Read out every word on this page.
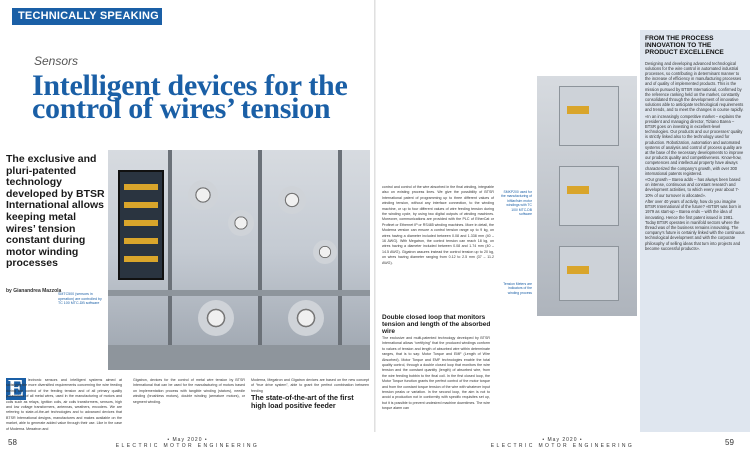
TECHNICALLY SPEAKING
Sensors
Intelligent devices for the control of wires’ tension
The exclusive and pluri-patented technology developed by BTSR International allows keeping metal wires’ tension constant during motor winding processes
by Gianandrea Mazzola
SMTC500 (sensors in operation) are controlled by TC 100 MTC-DB software
E	lectronic sensors and intelligent systems aimed at satisfying the more diversified requirements concerning the wire feeding during the control of the feeding tension and of all primary quality parameters of all metal wires, used in the manufacturing of motors and coils such as relays, ignition coils, air coils transformers, sensors, high and low voltage transformers, antennas, weathers, encoders. We are referring to state-of-the-art technologies and to advanced devices that BTSR International designs, manufactures and makes available on the market, able to generate added value through their use. Like in the case of Moderna, Megatron and
Gigatron, devices for the control of metal wire tension by BTSR International that can be used for the manufacturing of motors based on implementation process with tangible winding (stators), needle winding (brushless motors), double winding (armature motors), or segment winding.
Moderna, Megatron and Gigatron devices are based on the new concept of “true drive system”, able to grant the perfect combination between feeding
The state-of-the-art of the first high load positive feeder
SMKP200 used for the manufacturing of bifilar/lsim motor windings with TC 100/ MTC-DB software
Tension Meters are indicators of the winding process
control and control of the wire absorbed in the final winding, integrable also on existing process lines. We give the possibility of BTSR International patent of programming up to three different values of winding tension, without any interface connection, to the winding machine, or up to four different values of wire feeding tension during the winding cycle, by using two digital outputs of winding machines. Moreover, communications are provided with the PLC of EtherCat or Profinet or Ethernet IP or RS485 winding machines. More in detail, the Moderna version can ensure a control tension range up to 9 kg, on wires having a diameter included between 0.08 and 1.338 mm (40 – 16 AWG). With Megatron, the control tension can reach 18 kg, on wires having a diameter included between 0.08 and 1.74 mm (40 – 14.5 AWG). Gigatron assures instead the control tension up to 20 kg, on wires having diameter ranging from 0.12 to 2.5 mm (37 – 11.2 AWG).
Double closed loop that monitors tension and length of the absorbed wire
The exclusive and multi-patented technology developed by BTSR International allows “certifying” that the produced windings conform to values of tension and length of absorbed wire within determinate ranges, that is to say: Motor Torque and EMF (Length of Wire Absorbed). Motor Torque and EMF technologies enable the total quality control, through a double closed loop that monitors the wire tension and the constant quantity (length) of absorbed wire, from the wire feeding bobbin to the final coil. In the first closed loop, the Motor Torque function grants the perfect control of the motor torque and from the constant torque tension of the wire with whatever input tension peaks or variation. In the second loop, the aim is not to avoid a production not in conformity with specific requisites set up, but it is possible to prevent undesired machine downtimes. The wire torque alarm can
FROM THE PROCESS INNOVATION TO THE PRODUCT EXCELLENCE

Designing and developing advanced technological solutions for the wire control in automated industrial processes, so contributing in determinant manner to the increase of efficiency in manufacturing processes and of quality of implemented products. This is the mission pursued by BTSR International, confirmed by the reference ranking held on the market, constantly consolidated through the development of innovative solutions able to anticipate technological requirements and trends, and to meet the changes in course rapidly.

«In an increasingly competitive market – explains the president and managing director, Tiziano Barea – BTSR goes on investing in excellent-level technologies. Our products and our processes’ quality is strictly linked also to the technology used for production. Robotization, automation and automated systems of analysis and control of process quality are at the base of the necessary developments to improve our products quality and competitiveness. Know-how, competences and intellectual property have always characterized the company’s growth, with over 300 international patents registered.

«Our growth – Barea adds – has always been based on intense, continuous and constant research and development activities, to which every year about 7-10% of our turnover is allocated».

After over 40 years of activity, how do you imagine BTSR International of the future? «BTSR was born in 1979 as start-up – Barea ends – with the idea of innovating. Hence the first patent issued in 1981. Today BTSR operates in manifold sectors where the thread was of the business remains innovating. The company’s future is certainly linked with the continuous technological development and with the corporate philosophy of selling ideas that turn into projects and become successful products».

58	59
• May 2020 •
ELECTRIC MOTOR ENGINEERING
• May 2020 •
ELECTRIC MOTOR ENGINEERING
